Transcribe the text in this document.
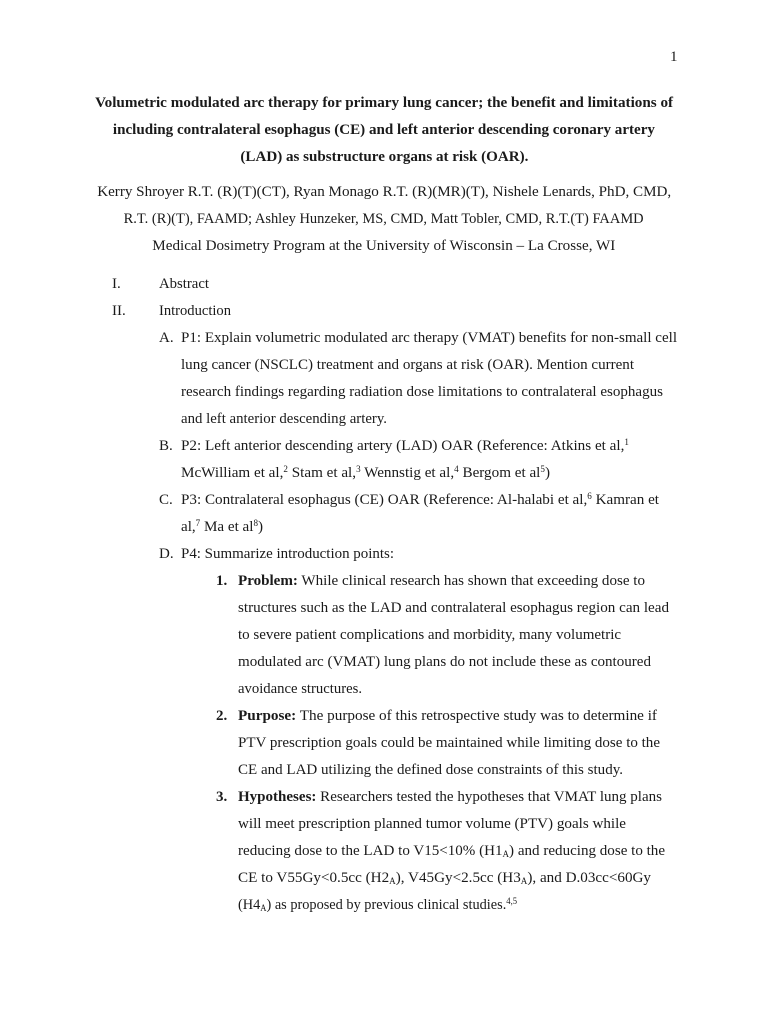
1
Volumetric modulated arc therapy for primary lung cancer; the benefit and limitations of
including contralateral esophagus (CE) and left anterior descending coronary artery
(LAD) as substructure organs at risk (OAR).
Kerry Shroyer R.T. (R)(T)(CT), Ryan Monago R.T. (R)(MR)(T), Nishele Lenards, PhD, CMD,
R.T. (R)(T), FAAMD; Ashley Hunzeker, MS, CMD, Matt Tobler, CMD, R.T.(T) FAAMD
Medical Dosimetry Program at the University of Wisconsin – La Crosse, WI
I.	Abstract
II. Introduction
A. P1: Explain volumetric modulated arc therapy (VMAT) benefits for non-small cell
lung cancer (NSCLC) treatment and organs at risk (OAR). Mention current
research findings regarding radiation dose limitations to contralateral esophagus
and left anterior descending artery.
B. P2: Left anterior descending artery (LAD) OAR (Reference: Atkins et al,$^1$
McWilliam et al,$^2$ Stam et al,$^3$ Wennstig et al,$^4$ Bergom et $al^5$)
C. P3: Contralateral esophagus (CE) OAR (Reference: Al-halabi et al,$^6$ Kamran et
al,$^7$ Ma et $al^8$)
D. P4: Summarize introduction points:
1. Problem: While clinical research has shown that exceeding dose to
structures such as the LAD and contralateral esophagus region can lead
to severe patient complications and morbidity, many volumetric
modulated arc (VMAT) lung plans do not include these as contoured
avoidance structures.
2. Purpose: The purpose of this retrospective study was to determine if
PTV prescription goals could be maintained while limiting dose to the
CE and LAD utilizing the defined dose constraints of this study.
3. Hypotheses: Researchers tested the hypotheses that VMAT lung plans
will meet prescription planned tumor volume (PTV) goals while
reducing dose to the LAD to V15<10% $(H1_A)$ and reducing dose to the
CE to V55Gy<0.5cc $(H2_A)$, V45Gy<2.5cc $(H3_A)$, and D.03cc<60Gy
$(H4_A)$ as proposed by previous clinical studies.$^{4,5}$
